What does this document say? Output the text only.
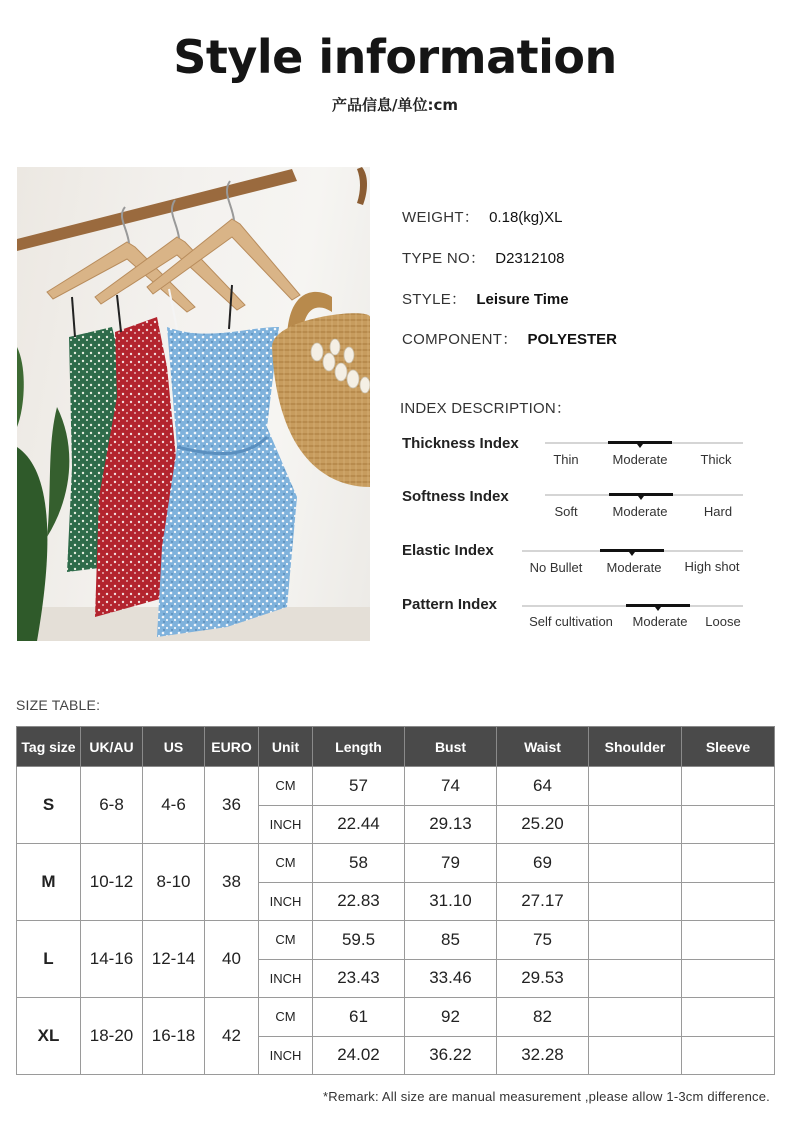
Style information
产品信息/单位:cm
WEIGHT： 0.18(kg)XL
TYPE NO： D2312108
STYLE： Leisure Time
COMPONENT： POLYESTER
INDEX DESCRIPTION：
Thickness Index
Thin	Moderate	Thick
Softness Index
Soft	Moderate	Hard
Elastic Index
No Bullet	Moderate	High shot
Pattern Index
Self cultivation	Moderate	Loose
SIZE TABLE:
Tag size	UK/AU	US	EURO	Unit	Length	Bust	Waist	Shoulder	Sleeve
S	6-8	4-6	36	CM	57	74	64		
				INCH	22.44	29.13	25.20		
M	10-12	8-10	38	CM	58	79	69		
				INCH	22.83	31.10	27.17		
L	14-16	12-14	40	CM	59.5	85	75		
				INCH	23.43	33.46	29.53		
XL	18-20	16-18	42	CM	61	92	82		
				INCH	24.02	36.22	32.28		
*Remark: All size are manual measurement ,please allow 1-3cm difference.
